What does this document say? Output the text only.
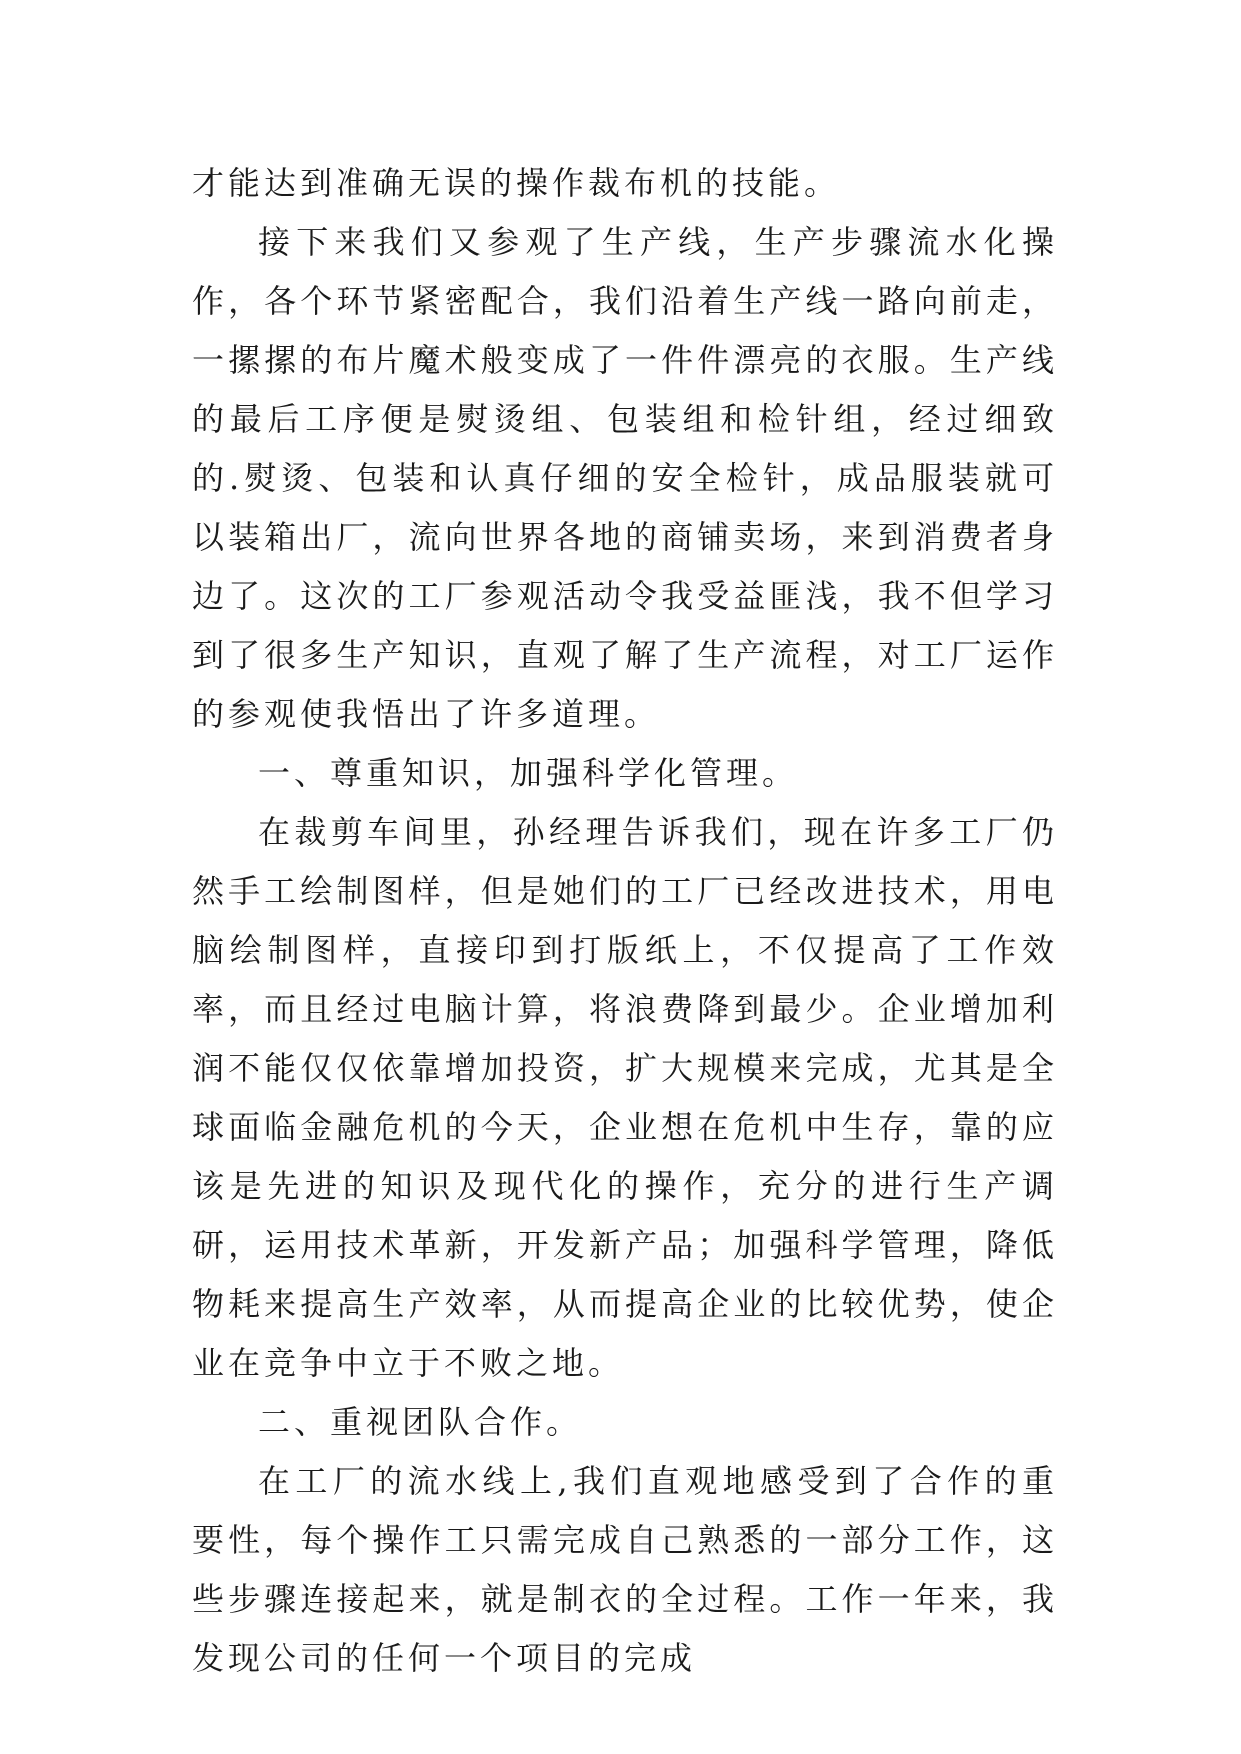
才能达到准确无误的操作裁布机的技能。

接下来我们又参观了生产线，生产步骤流水化操作，各个环节紧密配合，我们沿着生产线一路向前走，一摞摞的布片魔术般变成了一件件漂亮的衣服。生产线的最后工序便是熨烫组、包装组和检针组，经过细致的.熨烫、包装和认真仔细的安全检针，成品服装就可以装箱出厂，流向世界各地的商铺卖场，来到消费者身边了。这次的工厂参观活动令我受益匪浅，我不但学习到了很多生产知识，直观了解了生产流程，对工厂运作的参观使我悟出了许多道理。

一、尊重知识，加强科学化管理。

在裁剪车间里，孙经理告诉我们，现在许多工厂仍然手工绘制图样，但是她们的工厂已经改进技术，用电脑绘制图样，直接印到打版纸上，不仅提高了工作效率，而且经过电脑计算，将浪费降到最少。企业增加利润不能仅仅依靠增加投资，扩大规模来完成，尤其是全球面临金融危机的今天，企业想在危机中生存，靠的应该是先进的知识及现代化的操作，充分的进行生产调研，运用技术革新，开发新产品；加强科学管理，降低物耗来提高生产效率，从而提高企业的比较优势，使企业在竞争中立于不败之地。

二、重视团队合作。

在工厂的流水线上,我们直观地感受到了合作的重要性，每个操作工只需完成自己熟悉的一部分工作，这些步骤连接起来，就是制衣的全过程。工作一年来，我发现公司的任何一个项目的完成
